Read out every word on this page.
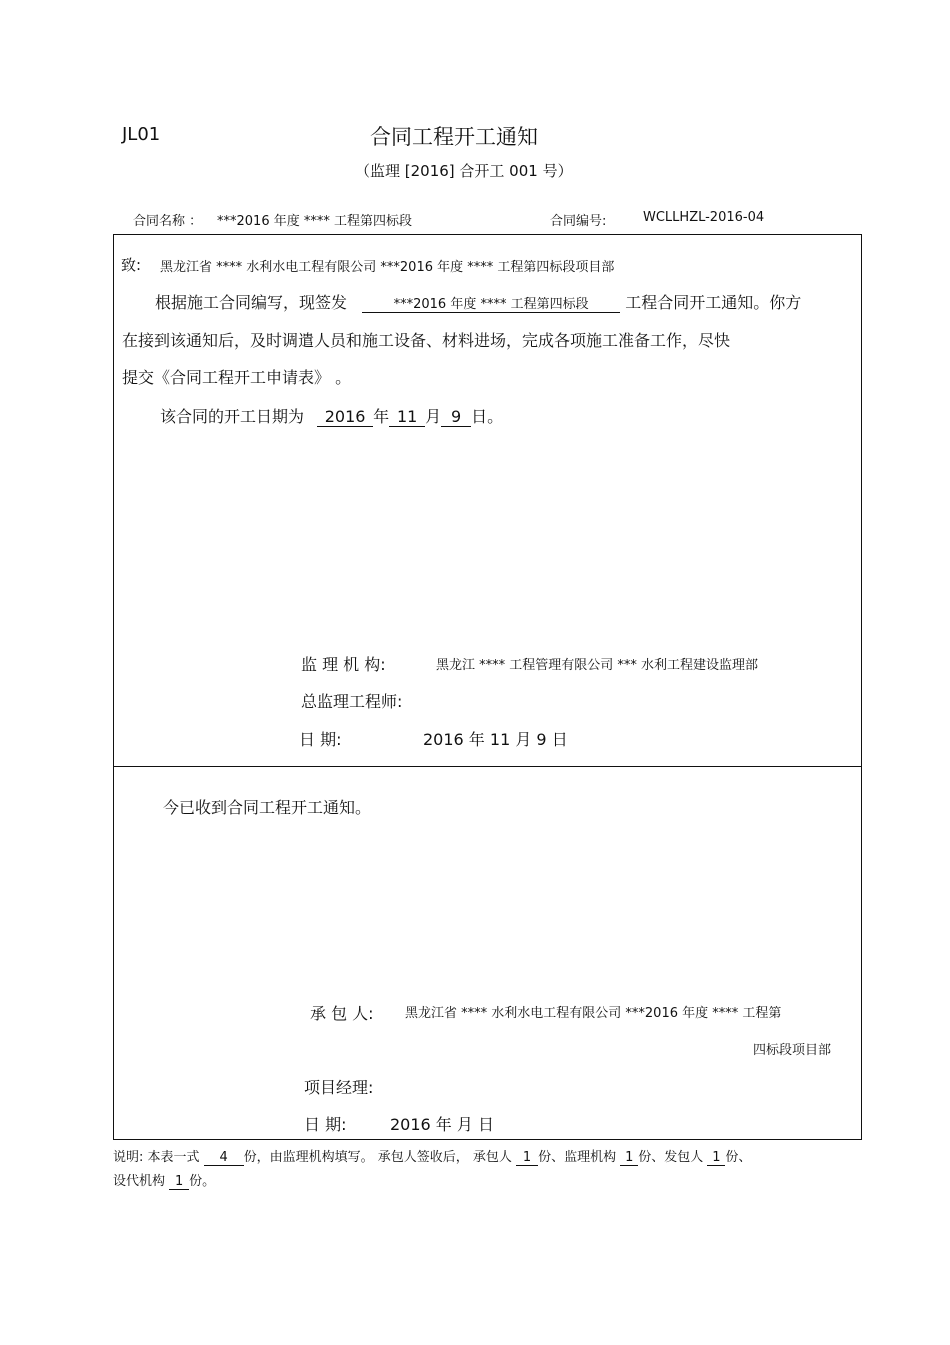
JL01	合同工程开工通知
（监理 [2016] 合开工 001 号）
合同名称 ： ***2016 年度 **** 工程第四标段	合同编号:	WCLLHZL-2016-04
致: 黑龙江省 **** 水利水电工程有限公司 ***2016 年度 **** 工程第四标段项目部
根据施工合同编写，现签发	***2016 年度 **** 工程第四标段 工程合同开工通知。你方
在接到该通知后，及时调遣人员和施工设备、材料进场，完成各项施工准备工作，尽快
提交《合同工程开工申请表》 。
该合同的开工日期为 2016 年 11 月 9 日。
监 理 机 构:	黑龙江 **** 工程管理有限公司 *** 水利工程建设监理部
总监理工程师:
日 期:	2016 年 11 月 9 日
今已收到合同工程开工通知。
承 包 人: 黑龙江省 **** 水利水电工程有限公司 ***2016 年度 **** 工程第
四标段项目部
项目经理:
日 期:	2016 年 月 日
说明: 本表一式 4 份，由监理机构填写。 承包人签收后， 承包人 1 份、监理机构 1 份、发包人 1 份、
设代机构 1 份。
